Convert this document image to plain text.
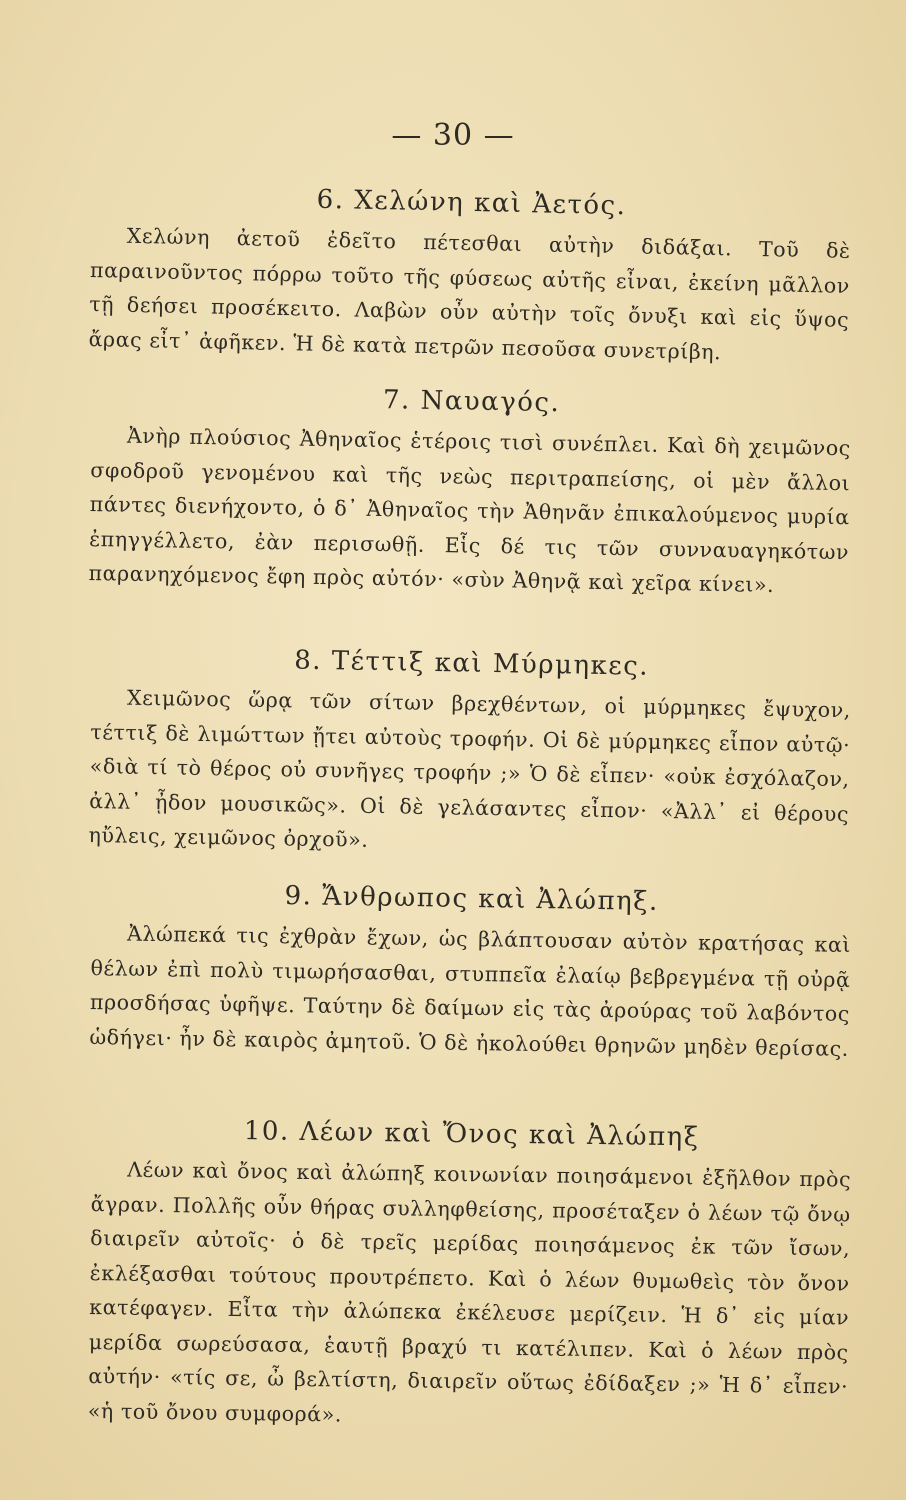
— 30 —
6. Χελώνη καὶ Ἀετός.

Χελώνη ἀετοῦ ἐδεῖτο πέτεσθαι αὐτὴν διδάξαι. Τοῦ δὲ παραινοῦντος πόρρω τοῦτο τῆς φύσεως αὐτῆς εἶναι, ἐκείνη μᾶλλον τῇ δεήσει προσέκειτο. Λαβὼν οὖν αὐτὴν τοῖς ὄνυξι καὶ εἰς ὕψος ἄρας εἶτ᾽ ἀφῆκεν. Ἡ δὲ κατὰ πετρῶν πεσοῦσα συνετρίβη.

7. Ναυαγός.

Ἀνὴρ πλούσιος Ἀθηναῖος ἑτέροις τισὶ συνέπλει. Καὶ δὴ χειμῶνος σφοδροῦ γενομένου καὶ τῆς νεὼς περιτραπείσης, οἱ μὲν ἄλλοι πάντες διενήχοντο, ὁ δ᾽ Ἀθηναῖος τὴν Ἀθηνᾶν ἐπικαλούμενος μυρία ἐπηγγέλλετο, ἐὰν περισωθῇ. Εἷς δέ τις τῶν συνναυαγηκότων παρανηχόμενος ἔφη πρὸς αὐτόν· «σὺν Ἀθηνᾷ καὶ χεῖρα κίνει».

8. Τέττιξ καὶ Μύρμηκες.

Χειμῶνος ὥρᾳ τῶν σίτων βρεχθέντων, οἱ μύρμηκες ἔψυχον, τέττιξ δὲ λιμώττων ᾔτει αὐτοὺς τροφήν. Οἱ δὲ μύρμηκες εἶπον αὐτῷ· «διὰ τί τὸ θέρος οὐ συνῆγες τροφήν ;» Ὁ δὲ εἶπεν· «οὐκ ἐσχόλαζον, ἀλλ᾽ ᾖδον μουσικῶς». Οἱ δὲ γελάσαντες εἶπον· «Ἀλλ᾽ εἰ θέρους ηὔλεις, χειμῶνος ὀρχοῦ».

9. Ἄνθρωπος καὶ Ἀλώπηξ.

Ἀλώπεκά τις ἐχθρὰν ἔχων, ὡς βλάπτουσαν αὐτὸν κρατήσας καὶ θέλων ἐπὶ πολὺ τιμωρήσασθαι, στυππεῖα ἐλαίῳ βεβρεγμένα τῇ οὐρᾷ προσδήσας ὑφῆψε. Ταύτην δὲ δαίμων εἰς τὰς ἀρούρας τοῦ λαβόντος ὡδήγει· ἦν δὲ καιρὸς ἀμητοῦ. Ὁ δὲ ἠκολούθει θρηνῶν μηδὲν θερίσας.

10. Λέων καὶ Ὄνος καὶ Ἀλώπηξ

Λέων καὶ ὄνος καὶ ἀλώπηξ κοινωνίαν ποιησάμενοι ἐξῆλθον πρὸς ἄγραν. Πολλῆς οὖν θήρας συλληφθείσης, προσέταξεν ὁ λέων τῷ ὄνῳ διαιρεῖν αὐτοῖς· ὁ δὲ τρεῖς μερίδας ποιησάμενος ἐκ τῶν ἴσων, ἐκλέξασθαι τούτους προυτρέπετο. Καὶ ὁ λέων θυμωθεὶς τὸν ὄνον κατέφαγεν. Εἶτα τὴν ἀλώπεκα ἐκέλευσε μερίζειν. Ἡ δ᾽ εἰς μίαν μερίδα σωρεύσασα, ἑαυτῇ βραχύ τι κατέλιπεν. Καὶ ὁ λέων πρὸς αὐτήν· «τίς σε, ὦ βελτίστη, διαιρεῖν οὕτως ἐδίδαξεν ;» Ἡ δ᾽ εἶπεν· «ἡ τοῦ ὄνου συμφορά».
